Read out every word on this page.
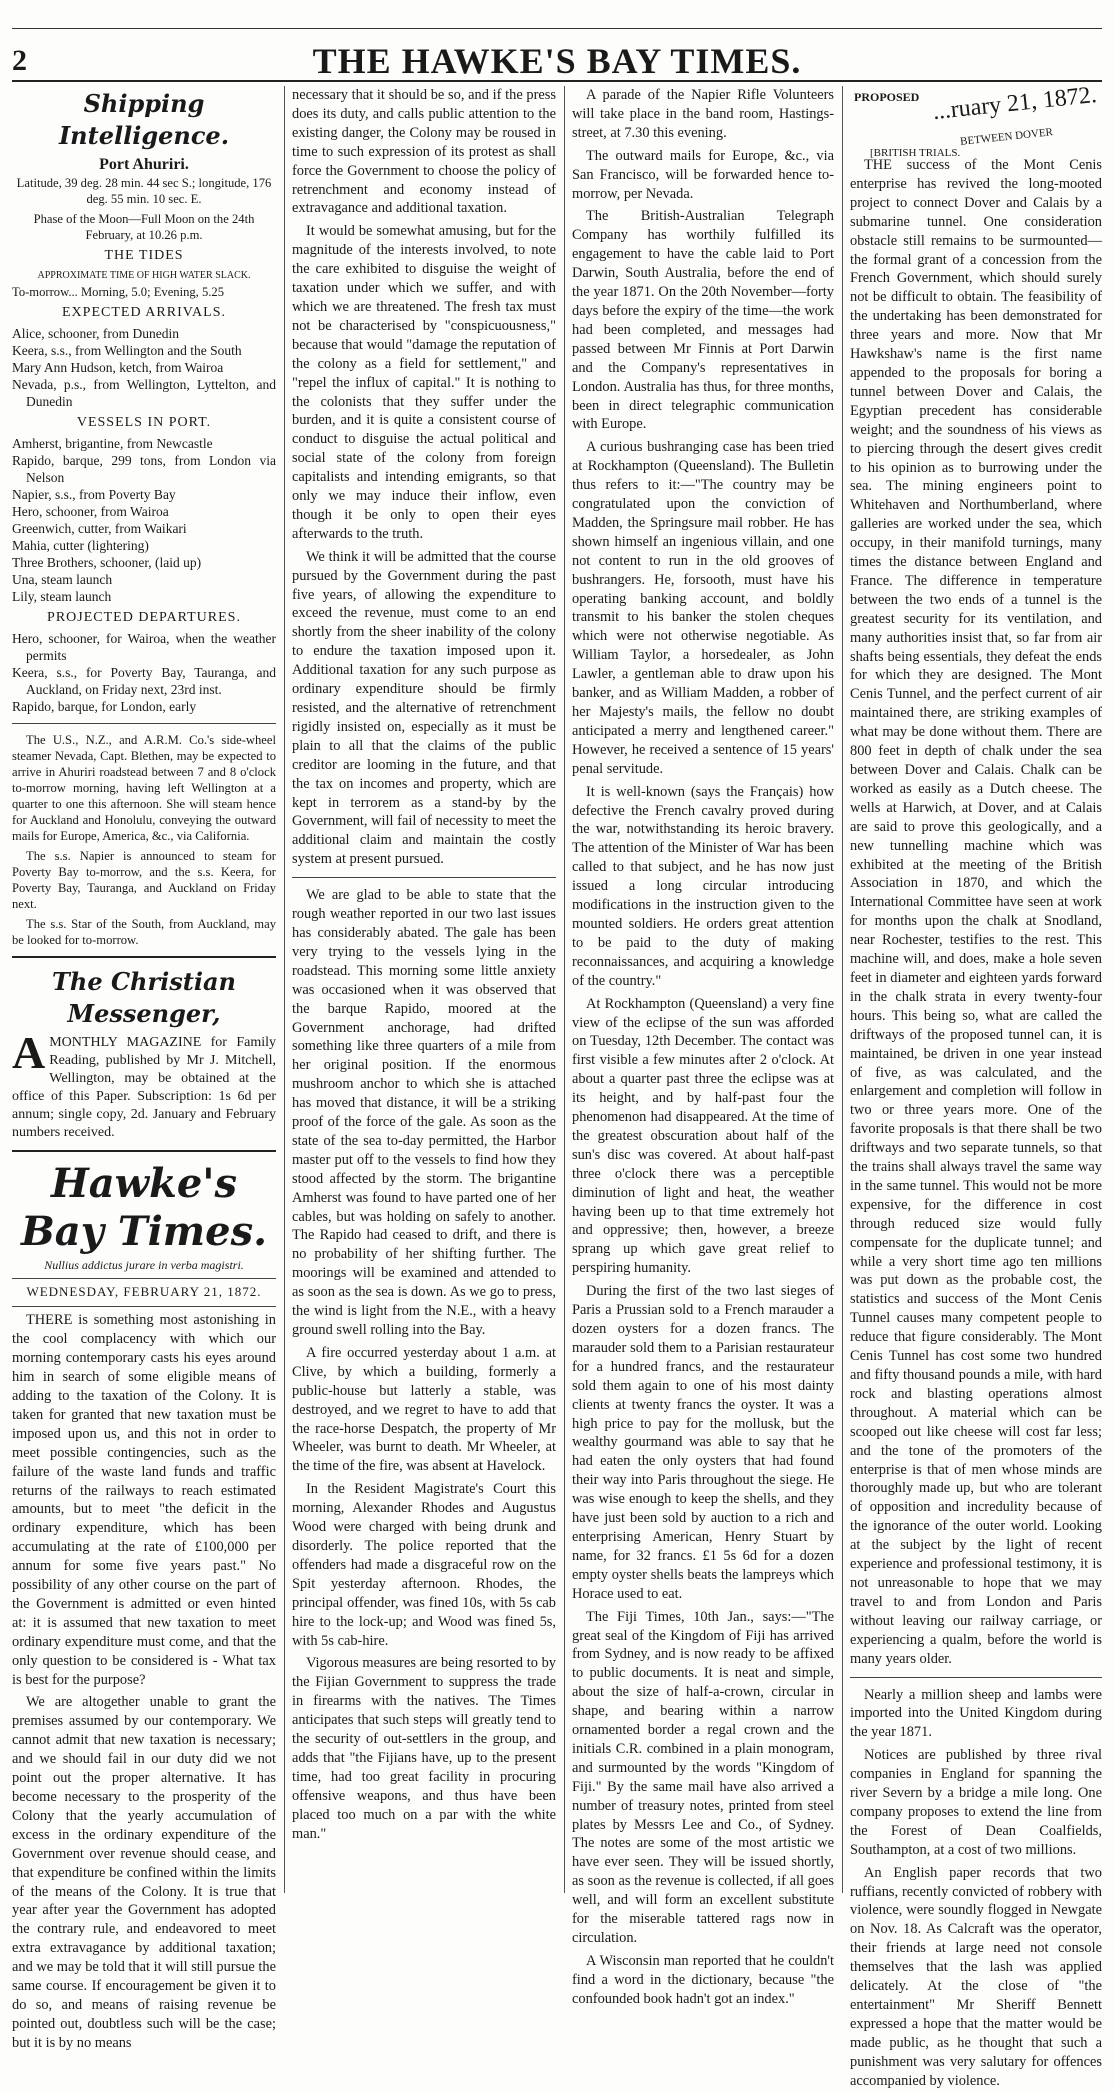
2	THE HAWKE'S BAY TIMES.
Shipping Intelligence.
Port Ahuriri.

Latitude, 39 deg. 28 min. 44 sec S.; longitude, 176 deg. 55 min. 10 sec. E.

Phase of the Moon—Full Moon on the 24th February, at 10.26 p.m.

THE TIDES
APPROXIMATE TIME OF HIGH WATER SLACK.
To-morrow... Morning, 5.0; Evening, 5.25
EXPECTED ARRIVALS.
Alice, schooner, from Dunedin
Keera, s.s., from Wellington and the South
Mary Ann Hudson, ketch, from Wairoa
Nevada, p.s., from Wellington, Lyttelton, and Dunedin
VESSELS IN PORT.
Amherst, brigantine, from Newcastle
Rapido, barque, 299 tons, from London via Nelson
Napier, s.s., from Poverty Bay
Hero, schooner, from Wairoa
Greenwich, cutter, from Waikari
Mahia, cutter (lightering)
Three Brothers, schooner, (laid up)
Una, steam launch
Lily, steam launch
PROJECTED DEPARTURES.
Hero, schooner, for Wairoa, when the weather permits
Keera, s.s., for Poverty Bay, Tauranga, and Auckland, on Friday next, 23rd inst.
Rapido, barque, for London, early

The U.S., N.Z., and A.R.M. Co.'s side-wheel steamer Nevada, Capt. Blethen, may be expected to arrive in Ahuriri roadstead between 7 and 8 o'clock to-morrow morning, having left Wellington at a quarter to one this afternoon. She will steam hence for Auckland and Honolulu, conveying the outward mails for Europe, America, &c., via California.

The s.s. Napier is announced to steam for Poverty Bay to-morrow, and the s.s. Keera, for Poverty Bay, Tauranga, and Auckland on Friday next.

The s.s. Star of the South, from Auckland, may be looked for to-morrow.

The Christian Messenger,

AMONTHLY MAGAZINE for Family Reading, published by Mr J. Mitchell, Wellington, may be obtained at the office of this Paper. Subscription: 1s 6d per annum; single copy, 2d. January and February numbers received.

Hawke's Bay Times.
Nullius addictus jurare in verba magistri.
WEDNESDAY, FEBRUARY 21, 1872.

THERE is something most astonishing in the cool complacency with which our morning contemporary casts his eyes around him in search of some eligible means of adding to the taxation of the Colony. It is taken for granted that new taxation must be imposed upon us, and this not in order to meet possible contingencies, such as the failure of the waste land funds and traffic returns of the railways to reach estimated amounts, but to meet "the deficit in the ordinary expenditure, which has been accumulating at the rate of £100,000 per annum for some five years past." No possibility of any other course on the part of the Government is admitted or even hinted at: it is assumed that new taxation to meet ordinary expenditure must come, and that the only question to be considered is - What tax is best for the purpose?

We are altogether unable to grant the premises assumed by our contemporary. We cannot admit that new taxation is necessary; and we should fail in our duty did we not point out the proper alternative. It has become necessary to the prosperity of the Colony that the yearly accumulation of excess in the ordinary expenditure of the Government over revenue should cease, and that expenditure be confined within the limits of the means of the Colony. It is true that year after year the Government has adopted the contrary rule, and endeavored to meet extra extravagance by additional taxation; and we may be told that it will still pursue the same course. If encouragement be given it to do so, and means of raising revenue be pointed out, doubtless such will be the case; but it is by no means

necessary that it should be so, and if the press does its duty, and calls public attention to the existing danger, the Colony may be roused in time to such expression of its protest as shall force the Government to choose the policy of retrenchment and economy instead of extravagance and additional taxation.

It would be somewhat amusing, but for the magnitude of the interests involved, to note the care exhibited to disguise the weight of taxation under which we suffer, and with which we are threatened. The fresh tax must not be characterised by "conspicuousness," because that would "damage the reputation of the colony as a field for settlement," and "repel the influx of capital." It is nothing to the colonists that they suffer under the burden, and it is quite a consistent course of conduct to disguise the actual political and social state of the colony from foreign capitalists and intending emigrants, so that only we may induce their inflow, even though it be only to open their eyes afterwards to the truth.

We think it will be admitted that the course pursued by the Government during the past five years, of allowing the expenditure to exceed the revenue, must come to an end shortly from the sheer inability of the colony to endure the taxation imposed upon it. Additional taxation for any such purpose as ordinary expenditure should be firmly resisted, and the alternative of retrenchment rigidly insisted on, especially as it must be plain to all that the claims of the public creditor are looming in the future, and that the tax on incomes and property, which are kept in terrorem as a stand-by by the Government, will fail of necessity to meet the additional claim and maintain the costly system at present pursued.

We are glad to be able to state that the rough weather reported in our two last issues has considerably abated. The gale has been very trying to the vessels lying in the roadstead. This morning some little anxiety was occasioned when it was observed that the barque Rapido, moored at the Government anchorage, had drifted something like three quarters of a mile from her original position. If the enormous mushroom anchor to which she is attached has moved that distance, it will be a striking proof of the force of the gale. As soon as the state of the sea to-day permitted, the Harbor master put off to the vessels to find how they stood affected by the storm. The brigantine Amherst was found to have parted one of her cables, but was holding on safely to another. The Rapido had ceased to drift, and there is no probability of her shifting further. The moorings will be examined and attended to as soon as the sea is down. As we go to press, the wind is light from the N.E., with a heavy ground swell rolling into the Bay.

A fire occurred yesterday about 1 a.m. at Clive, by which a building, formerly a public-house but latterly a stable, was destroyed, and we regret to have to add that the race-horse Despatch, the property of Mr Wheeler, was burnt to death. Mr Wheeler, at the time of the fire, was absent at Havelock.

In the Resident Magistrate's Court this morning, Alexander Rhodes and Augustus Wood were charged with being drunk and disorderly. The police reported that the offenders had made a disgraceful row on the Spit yesterday afternoon. Rhodes, the principal offender, was fined 10s, with 5s cab hire to the lock-up; and Wood was fined 5s, with 5s cab-hire.

Vigorous measures are being resorted to by the Fijian Government to suppress the trade in firearms with the natives. The Times anticipates that such steps will greatly tend to the security of out-settlers in the group, and adds that "the Fijians have, up to the present time, had too great facility in procuring offensive weapons, and thus have been placed too much on a par with the white man."

A parade of the Napier Rifle Volunteers will take place in the band room, Hastings-street, at 7.30 this evening.

The outward mails for Europe, &c., via San Francisco, will be forwarded hence to-morrow, per Nevada.

The British-Australian Telegraph Company has worthily fulfilled its engagement to have the cable laid to Port Darwin, South Australia, before the end of the year 1871. On the 20th November—forty days before the expiry of the time—the work had been completed, and messages had passed between Mr Finnis at Port Darwin and the Company's representatives in London. Australia has thus, for three months, been in direct telegraphic communication with Europe.

A curious bushranging case has been tried at Rockhampton (Queensland). The Bulletin thus refers to it:—"The country may be congratulated upon the conviction of Madden, the Springsure mail robber. He has shown himself an ingenious villain, and one not content to run in the old grooves of bushrangers. He, forsooth, must have his operating banking account, and boldly transmit to his banker the stolen cheques which were not otherwise negotiable. As William Taylor, a horsedealer, as John Lawler, a gentleman able to draw upon his banker, and as William Madden, a robber of her Majesty's mails, the fellow no doubt anticipated a merry and lengthened career." However, he received a sentence of 15 years' penal servitude.

It is well-known (says the Français) how defective the French cavalry proved during the war, notwithstanding its heroic bravery. The attention of the Minister of War has been called to that subject, and he has now just issued a long circular introducing modifications in the instruction given to the mounted soldiers. He orders great attention to be paid to the duty of making reconnaissances, and acquiring a knowledge of the country."

At Rockhampton (Queensland) a very fine view of the eclipse of the sun was afforded on Tuesday, 12th December. The contact was first visible a few minutes after 2 o'clock. At about a quarter past three the eclipse was at its height, and by half-past four the phenomenon had disappeared. At the time of the greatest obscuration about half of the sun's disc was covered. At about half-past three o'clock there was a perceptible diminution of light and heat, the weather having been up to that time extremely hot and oppressive; then, however, a breeze sprang up which gave great relief to perspiring humanity.

During the first of the two last sieges of Paris a Prussian sold to a French marauder a dozen oysters for a dozen francs. The marauder sold them to a Parisian restaurateur for a hundred francs, and the restaurateur sold them again to one of his most dainty clients at twenty francs the oyster. It was a high price to pay for the mollusk, but the wealthy gourmand was able to say that he had eaten the only oysters that had found their way into Paris throughout the siege. He was wise enough to keep the shells, and they have just been sold by auction to a rich and enterprising American, Henry Stuart by name, for 32 francs. £1 5s 6d for a dozen empty oyster shells beats the lampreys which Horace used to eat.

The Fiji Times, 10th Jan., says:—"The great seal of the Kingdom of Fiji has arrived from Sydney, and is now ready to be affixed to public documents. It is neat and simple, about the size of half-a-crown, circular in shape, and bearing within a narrow ornamented border a regal crown and the initials C.R. combined in a plain monogram, and surmounted by the words "Kingdom of Fiji." By the same mail have also arrived a number of treasury notes, printed from steel plates by Messrs Lee and Co., of Sydney. The notes are some of the most artistic we have ever seen. They will be issued shortly, as soon as the revenue is collected, if all goes well, and will form an excellent substitute for the miserable tattered rags now in circulation.

A Wisconsin man reported that he couldn't find a word in the dictionary, because "the confounded book hadn't got an index."

PROPOSED ...ruary 21, 1872.
BETWEEN DOVER
[BRITISH TRIALS.

THE success of the Mont Cenis enterprise has revived the long-mooted project to connect Dover and Calais by a submarine tunnel. One consideration obstacle still remains to be surmounted—the formal grant of a concession from the French Government, which should surely not be difficult to obtain. The feasibility of the undertaking has been demonstrated for three years and more. Now that Mr Hawkshaw's name is the first name appended to the proposals for boring a tunnel between Dover and Calais, the Egyptian precedent has considerable weight; and the soundness of his views as to piercing through the desert gives credit to his opinion as to burrowing under the sea. The mining engineers point to Whitehaven and Northumberland, where galleries are worked under the sea, which occupy, in their manifold turnings, many times the distance between England and France. The difference in temperature between the two ends of a tunnel is the greatest security for its ventilation, and many authorities insist that, so far from air shafts being essentials, they defeat the ends for which they are designed. The Mont Cenis Tunnel, and the perfect current of air maintained there, are striking examples of what may be done without them. There are 800 feet in depth of chalk under the sea between Dover and Calais. Chalk can be worked as easily as a Dutch cheese. The wells at Harwich, at Dover, and at Calais are said to prove this geologically, and a new tunnelling machine which was exhibited at the meeting of the British Association in 1870, and which the International Committee have seen at work for months upon the chalk at Snodland, near Rochester, testifies to the rest. This machine will, and does, make a hole seven feet in diameter and eighteen yards forward in the chalk strata in every twenty-four hours. This being so, what are called the driftways of the proposed tunnel can, it is maintained, be driven in one year instead of five, as was calculated, and the enlargement and completion will follow in two or three years more. One of the favorite proposals is that there shall be two driftways and two separate tunnels, so that the trains shall always travel the same way in the same tunnel. This would not be more expensive, for the difference in cost through reduced size would fully compensate for the duplicate tunnel; and while a very short time ago ten millions was put down as the probable cost, the statistics and success of the Mont Cenis Tunnel causes many competent people to reduce that figure considerably. The Mont Cenis Tunnel has cost some two hundred and fifty thousand pounds a mile, with hard rock and blasting operations almost throughout. A material which can be scooped out like cheese will cost far less; and the tone of the promoters of the enterprise is that of men whose minds are thoroughly made up, but who are tolerant of opposition and incredulity because of the ignorance of the outer world. Looking at the subject by the light of recent experience and professional testimony, it is not unreasonable to hope that we may travel to and from London and Paris without leaving our railway carriage, or experiencing a qualm, before the world is many years older.

Nearly a million sheep and lambs were imported into the United Kingdom during the year 1871.

Notices are published by three rival companies in England for spanning the river Severn by a bridge a mile long. One company proposes to extend the line from the Forest of Dean Coalfields, Southampton, at a cost of two millions.

An English paper records that two ruffians, recently convicted of robbery with violence, were soundly flogged in Newgate on Nov. 18. As Calcraft was the operator, their friends at large need not console themselves that the lash was applied delicately. At the close of "the entertainment" Mr Sheriff Bennett expressed a hope that the matter would be made public, as he thought that such a punishment was very salutary for offences accompanied by violence.
